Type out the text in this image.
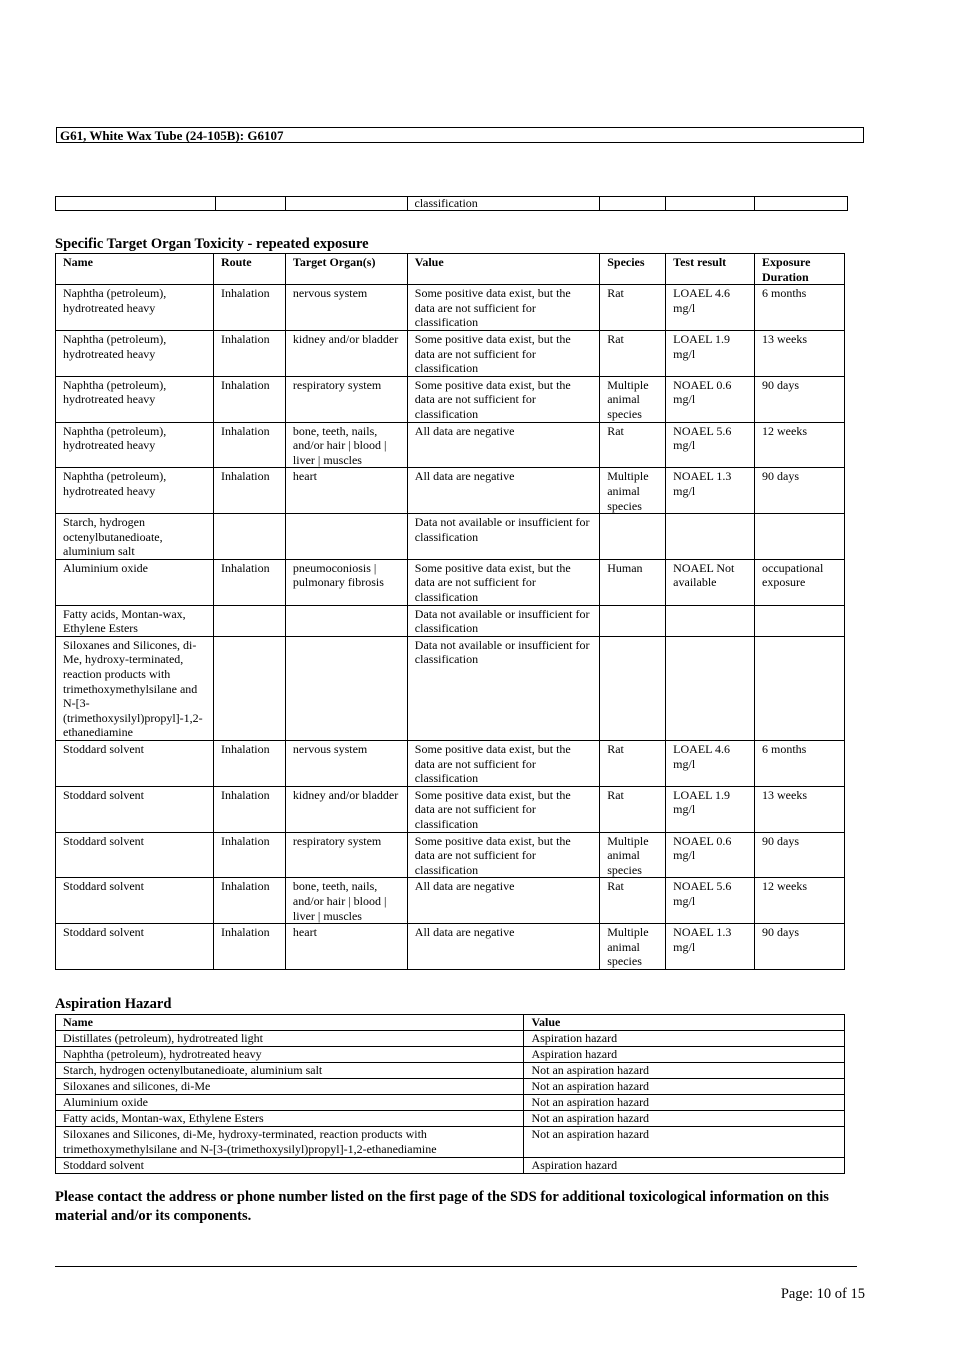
G61, White Wax Tube (24-105B): G6107
			classification			
Specific Target Organ Toxicity - repeated exposure
Name	Route	Target Organ(s)	Value	Species	Test result	Exposure Duration
Naphtha (petroleum), hydrotreated heavy	Inhalation	nervous system	Some positive data exist, but the data are not sufficient for classification	Rat	LOAEL 4.6 mg/l	6 months
Naphtha (petroleum), hydrotreated heavy	Inhalation	kidney and/or bladder	Some positive data exist, but the data are not sufficient for classification	Rat	LOAEL 1.9 mg/l	13 weeks
Naphtha (petroleum), hydrotreated heavy	Inhalation	respiratory system	Some positive data exist, but the data are not sufficient for classification	Multiple animal species	NOAEL 0.6 mg/l	90 days
Naphtha (petroleum), hydrotreated heavy	Inhalation	bone, teeth, nails, and/or hair | blood | liver | muscles	All data are negative	Rat	NOAEL 5.6 mg/l	12 weeks
Naphtha (petroleum), hydrotreated heavy	Inhalation	heart	All data are negative	Multiple animal species	NOAEL 1.3 mg/l	90 days
Starch, hydrogen octenylbutanedioate, aluminium salt			Data not available or insufficient for classification			
Aluminium oxide	Inhalation	pneumoconiosis | pulmonary fibrosis	Some positive data exist, but the data are not sufficient for classification	Human	NOAEL Not available	occupational exposure
Fatty acids, Montan-wax, Ethylene Esters			Data not available or insufficient for classification			
Siloxanes and Silicones, di-Me, hydroxy-terminated, reaction products with trimethoxymethylsilane and N-[3-(trimethoxysilyl)propyl]-1,2-ethanediamine			Data not available or insufficient for classification			
Stoddard solvent	Inhalation	nervous system	Some positive data exist, but the data are not sufficient for classification	Rat	LOAEL 4.6 mg/l	6 months
Stoddard solvent	Inhalation	kidney and/or bladder	Some positive data exist, but the data are not sufficient for classification	Rat	LOAEL 1.9 mg/l	13 weeks
Stoddard solvent	Inhalation	respiratory system	Some positive data exist, but the data are not sufficient for classification	Multiple animal species	NOAEL 0.6 mg/l	90 days
Stoddard solvent	Inhalation	bone, teeth, nails, and/or hair | blood | liver | muscles	All data are negative	Rat	NOAEL 5.6 mg/l	12 weeks
Stoddard solvent	Inhalation	heart	All data are negative	Multiple animal species	NOAEL 1.3 mg/l	90 days
Aspiration Hazard
Name	Value
Distillates (petroleum), hydrotreated light	Aspiration hazard
Naphtha (petroleum), hydrotreated heavy	Aspiration hazard
Starch, hydrogen octenylbutanedioate, aluminium salt	Not an aspiration hazard
Siloxanes and silicones, di-Me	Not an aspiration hazard
Aluminium oxide	Not an aspiration hazard
Fatty acids, Montan-wax, Ethylene Esters	Not an aspiration hazard
Siloxanes and Silicones, di-Me, hydroxy-terminated, reaction products with trimethoxymethylsilane and N-[3-(trimethoxysilyl)propyl]-1,2-ethanediamine	Not an aspiration hazard
Stoddard solvent	Aspiration hazard
Please contact the address or phone number listed on the first page of the SDS for additional toxicological information on this material and/or its components.
Page: 10 of 15
